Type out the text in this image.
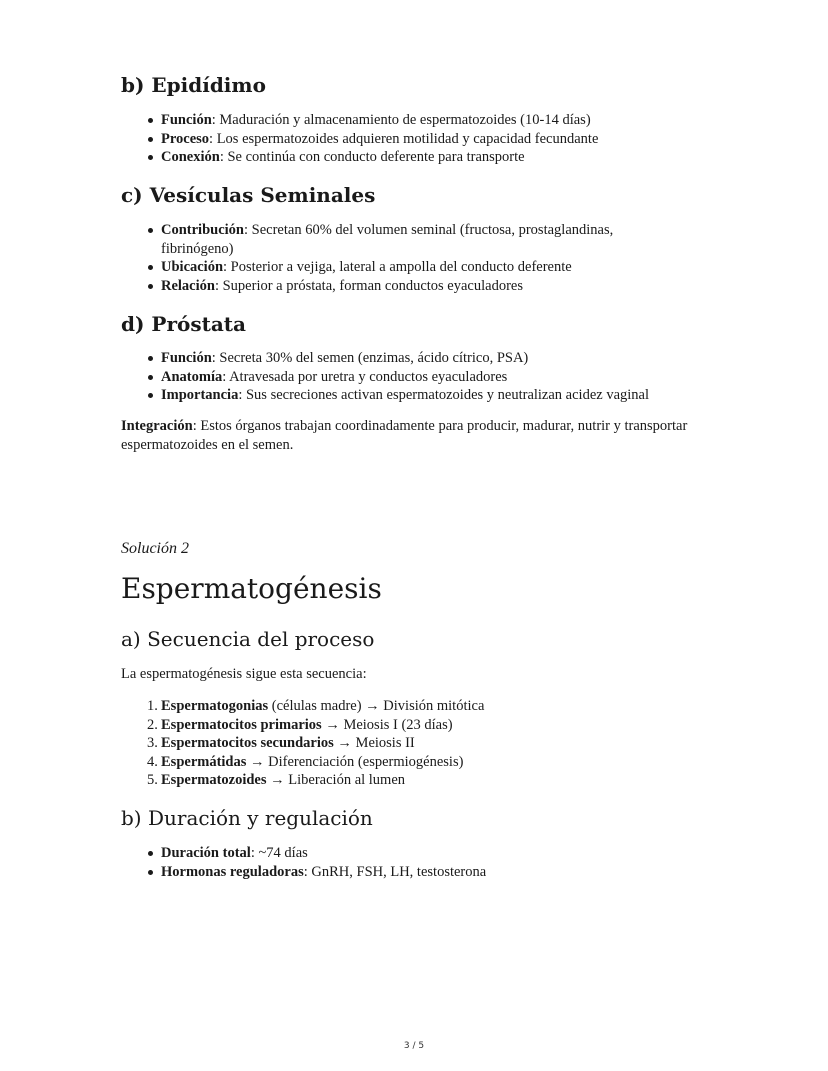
b) Epidídimo
Función: Maduración y almacenamiento de espermatozoides (10-14 días)
Proceso: Los espermatozoides adquieren motilidad y capacidad fecundante
Conexión: Se continúa con conducto deferente para transporte
c) Vesículas Seminales
Contribución: Secretan 60% del volumen seminal (fructosa, prostaglandinas, fibrinógeno)
Ubicación: Posterior a vejiga, lateral a ampolla del conducto deferente
Relación: Superior a próstata, forman conductos eyaculadores
d) Próstata
Función: Secreta 30% del semen (enzimas, ácido cítrico, PSA)
Anatomía: Atravesada por uretra y conductos eyaculadores
Importancia: Sus secreciones activan espermatozoides y neutralizan acidez vaginal

Integración: Estos órganos trabajan coordinadamente para producir, madurar, nutrir y transportar espermatozoides en el semen.

Solución 2

Espermatogénesis
a) Secuencia del proceso

La espermatogénesis sigue esta secuencia:

1. Espermatogonias (células madre) → División mitótica
2. Espermatocitos primarios → Meiosis I (23 días)
3. Espermatocitos secundarios → Meiosis II
4. Espermátidas → Diferenciación (espermiogénesis)
5. Espermatozoides → Liberación al lumen
b) Duración y regulación
Duración total: ~74 días
Hormonas reguladoras: GnRH, FSH, LH, testosterona
3 / 5
